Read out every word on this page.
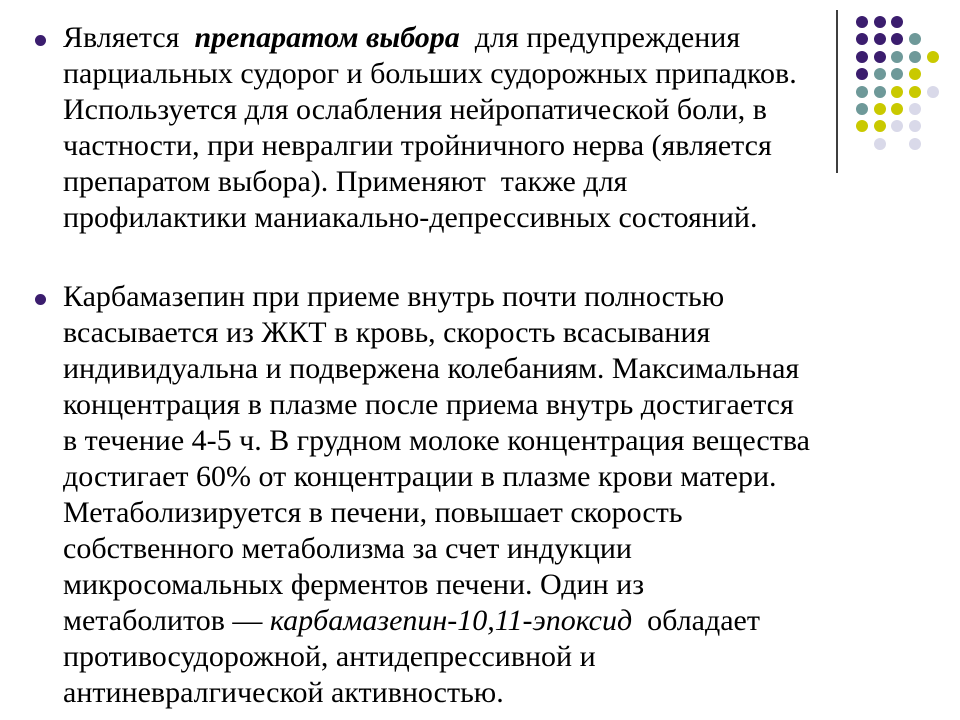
Является  препаратом выбора  для предупреждения
парциальных судорог и больших судорожных припадков.
Используется для ослабления нейропатической боли, в
частности, при невралгии тройничного нерва (является
препаратом выбора). Применяют  также для
профилактики маниакально-депрессивных состояний.
Карбамазепин при приеме внутрь почти полностью
всасывается из ЖКТ в кровь, скорость всасывания
индивидуальна и подвержена колебаниям. Максимальная
концентрация в плазме после приема внутрь достигается
в течение 4-5 ч. В грудном молоке концентрация вещества
достигает 60% от концентрации в плазме крови матери.
Метаболизируется в печени, повышает скорость
собственного метаболизма за счет индукции
микросомальных ферментов печени. Один из
метаболитов — карбамазепин-10,11-эпоксид  обладает
противосудорожной, антидепрессивной и
антиневралгической активностью.
